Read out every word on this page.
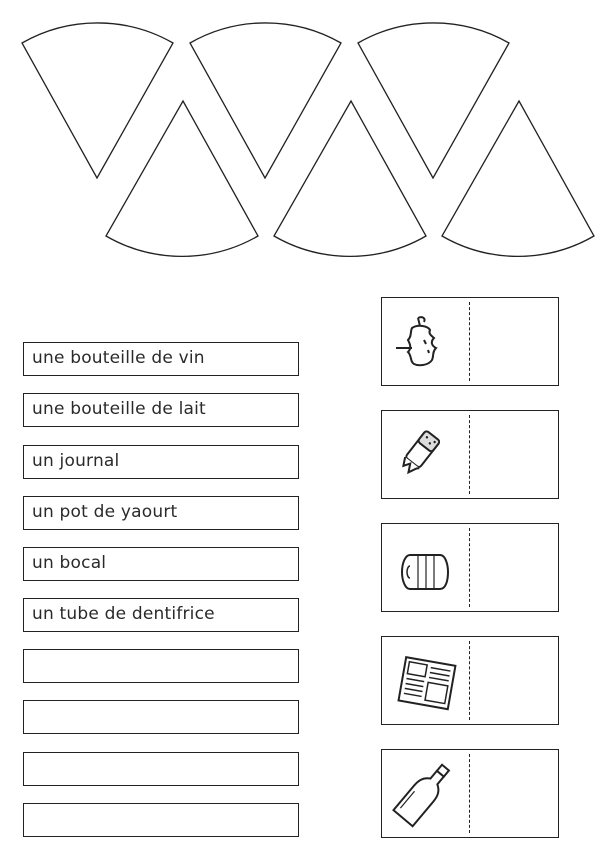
une bouteille de vin
une bouteille de lait
un journal
un pot de yaourt
un bocal
un tube de dentifrice
